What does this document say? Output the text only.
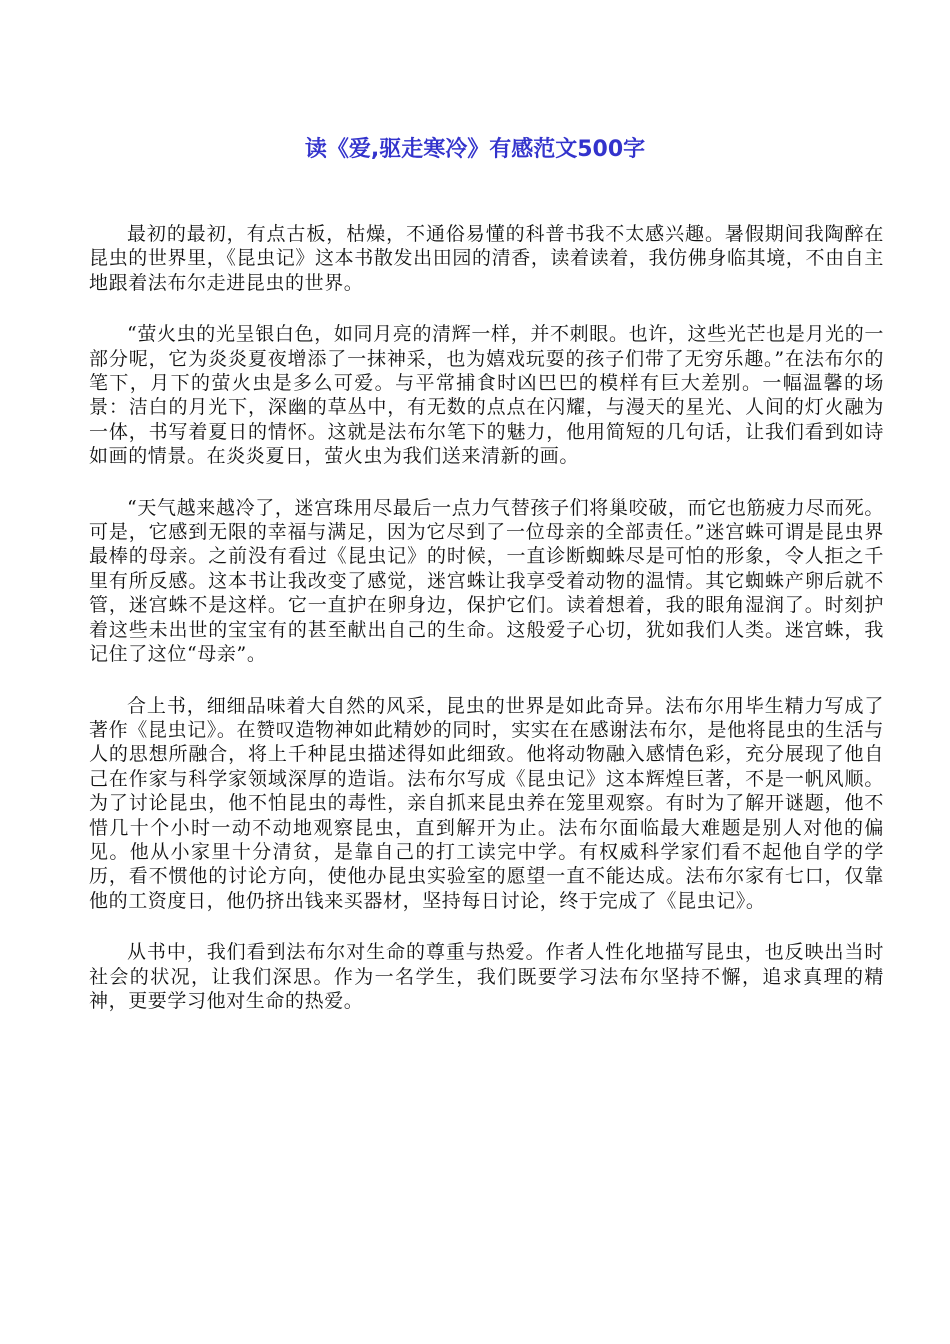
读《爱,驱走寒冷》有感范文500字

最初的最初，有点古板，枯燥，不通俗易懂的科普书我不太感兴趣。暑假期间我陶醉在昆虫的世界里，《昆虫记》这本书散发出田园的清香，读着读着，我仿佛身临其境，不由自主地跟着法布尔走进昆虫的世界。

“萤火虫的光呈银白色，如同月亮的清辉一样，并不刺眼。也许，这些光芒也是月光的一部分呢，它为炎炎夏夜增添了一抹神采，也为嬉戏玩耍的孩子们带了无穷乐趣。”在法布尔的笔下，月下的萤火虫是多么可爱。与平常捕食时凶巴巴的模样有巨大差别。一幅温馨的场景：洁白的月光下，深幽的草丛中，有无数的点点在闪耀，与漫天的星光、人间的灯火融为一体，书写着夏日的情怀。这就是法布尔笔下的魅力，他用简短的几句话，让我们看到如诗如画的情景。在炎炎夏日，萤火虫为我们送来清新的画。

“天气越来越冷了，迷宫珠用尽最后一点力气替孩子们将巢咬破，而它也筋疲力尽而死。可是，它感到无限的幸福与满足，因为它尽到了一位母亲的全部责任。”迷宫蛛可谓是昆虫界最棒的母亲。之前没有看过《昆虫记》的时候，一直诊断蜘蛛尽是可怕的形象，令人拒之千里有所反感。这本书让我改变了感觉，迷宫蛛让我享受着动物的温情。其它蜘蛛产卵后就不管，迷宫蛛不是这样。它一直护在卵身边，保护它们。读着想着，我的眼角湿润了。时刻护着这些未出世的宝宝有的甚至献出自己的生命。这般爱子心切，犹如我们人类。迷宫蛛，我记住了这位“母亲”。

合上书，细细品味着大自然的风采，昆虫的世界是如此奇异。法布尔用毕生精力写成了著作《昆虫记》。在赞叹造物神如此精妙的同时，实实在在感谢法布尔，是他将昆虫的生活与人的思想所融合，将上千种昆虫描述得如此细致。他将动物融入感情色彩，充分展现了他自己在作家与科学家领域深厚的造诣。法布尔写成《昆虫记》这本辉煌巨著，不是一帆风顺。为了讨论昆虫，他不怕昆虫的毒性，亲自抓来昆虫养在笼里观察。有时为了解开谜题，他不惜几十个小时一动不动地观察昆虫，直到解开为止。法布尔面临最大难题是别人对他的偏见。他从小家里十分清贫，是靠自己的打工读完中学。有权威科学家们看不起他自学的学历，看不惯他的讨论方向，使他办昆虫实验室的愿望一直不能达成。法布尔家有七口，仅靠他的工资度日，他仍挤出钱来买器材，坚持每日讨论，终于完成了《昆虫记》。

从书中，我们看到法布尔对生命的尊重与热爱。作者人性化地描写昆虫，也反映出当时社会的状况，让我们深思。作为一名学生，我们既要学习法布尔坚持不懈，追求真理的精神，更要学习他对生命的热爱。
